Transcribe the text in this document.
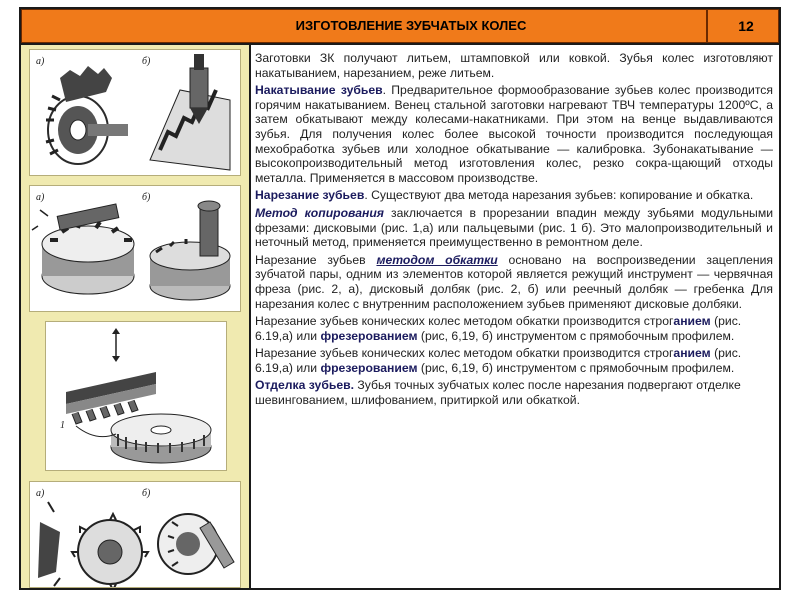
ИЗГОТОВЛЕНИЕ ЗУБЧАТЫХ КОЛЕС	12
а)	б)
а)	б)
1
а)	б)

Заготовки ЗК получают литьем, штамповкой или ковкой. Зубья колес изготовляют накатыванием, нарезанием, реже литьем.

Накатывание зубьев. Предварительное формообразование зубьев колес производится горячим накатыванием. Венец стальной заготовки нагревают ТВЧ температуры 1200ºС, а затем обкатывают между колесами-накатниками. При этом на венце выдавливаются зубья. Для получения колес более высокой точности производится последующая мехобработка зубьев или холодное обкатывание — калибровка. Зубонакатывание — высокопроизводительный метод изготовления колес, резко сокра-щающий отходы металла. Применяется в массовом производстве.

Нарезание зубьев. Существуют два метода нарезания зубьев: копирование и обкатка.

Метод копирования заключается в прорезании впадин между зубьями модульными фрезами: дисковыми (рис. 1,а) или пальцевыми (рис. 1 б). Это малопроизводительный и неточный метод, применяется преимущественно в ремонтном деле.

Нарезание зубьев методом обкатки основано на воспроизведении зацепления зубчатой пары, одним из элементов которой является режущий инструмент — червячная фреза (рис. 2, а), дисковый долбяк (рис. 2, б) или реечный долбяк — гребенка Для нарезания колес с внутренним расположением зубьев применяют дисковые долбяки.

Нарезание зубьев конических колес методом обкатки производится строганием (рис. 6.19,а) или фрезерованием (рис, 6,19, б) инструментом с прямобочным профилем.

Нарезание зубьев конических колес методом обкатки производится строганием (рис. 6.19,а) или фрезерованием (рис, 6,19, б) инструментом с прямобочным профилем.

Отделка зубьев. Зубья точных зубчатых колес после нарезания подвергают отделке шевингованием, шлифованием, притиркой или обкаткой.
